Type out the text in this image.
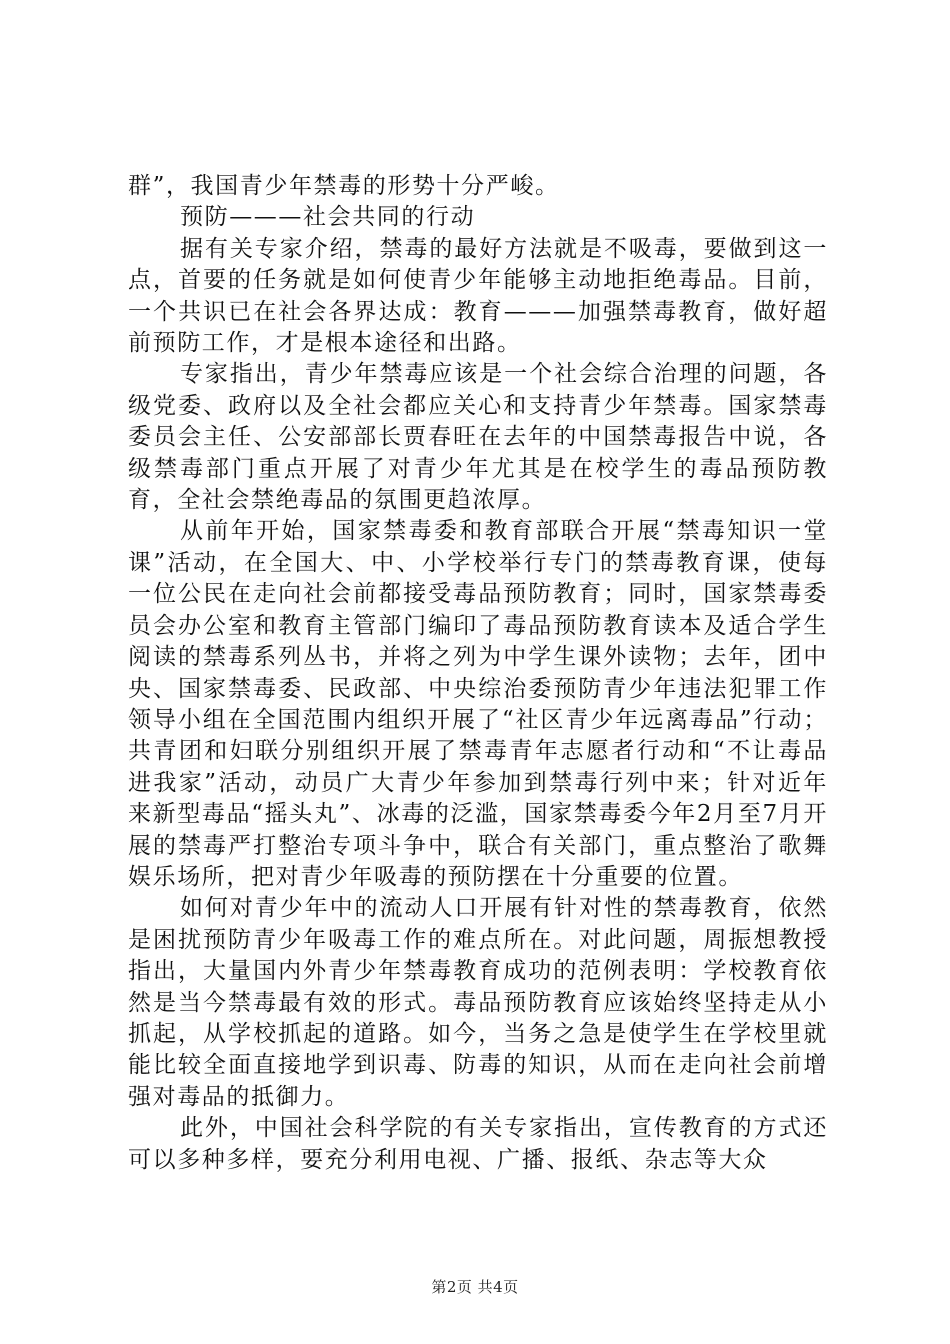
群”，我国青少年禁毒的形势十分严峻。

预防———社会共同的行动

据有关专家介绍，禁毒的最好方法就是不吸毒，要做到这一点，首要的任务就是如何使青少年能够主动地拒绝毒品。目前，一个共识已在社会各界达成：教育———加强禁毒教育，做好超前预防工作，才是根本途径和出路。

专家指出，青少年禁毒应该是一个社会综合治理的问题，各级党委、政府以及全社会都应关心和支持青少年禁毒。国家禁毒委员会主任、公安部部长贾春旺在去年的中国禁毒报告中说，各级禁毒部门重点开展了对青少年尤其是在校学生的毒品预防教育，全社会禁绝毒品的氛围更趋浓厚。

从前年开始，国家禁毒委和教育部联合开展“禁毒知识一堂课”活动，在全国大、中、小学校举行专门的禁毒教育课，使每一位公民在走向社会前都接受毒品预防教育；同时，国家禁毒委员会办公室和教育主管部门编印了毒品预防教育读本及适合学生阅读的禁毒系列丛书，并将之列为中学生课外读物；去年，团中央、国家禁毒委、民政部、中央综治委预防青少年违法犯罪工作领导小组在全国范围内组织开展了“社区青少年远离毒品”行动；共青团和妇联分别组织开展了禁毒青年志愿者行动和“不让毒品进我家”活动，动员广大青少年参加到禁毒行列中来；针对近年来新型毒品“摇头丸”、冰毒的泛滥，国家禁毒委今年2月至7月开展的禁毒严打整治专项斗争中，联合有关部门，重点整治了歌舞娱乐场所，把对青少年吸毒的预防摆在十分重要的位置。

如何对青少年中的流动人口开展有针对性的禁毒教育，依然是困扰预防青少年吸毒工作的难点所在。对此问题，周振想教授指出，大量国内外青少年禁毒教育成功的范例表明：学校教育依然是当今禁毒最有效的形式。毒品预防教育应该始终坚持走从小抓起，从学校抓起的道路。如今，当务之急是使学生在学校里就能比较全面直接地学到识毒、防毒的知识，从而在走向社会前增强对毒品的抵御力。

此外，中国社会科学院的有关专家指出，宣传教育的方式还可以多种多样，要充分利用电视、广播、报纸、杂志等大众

第2页 共4页
